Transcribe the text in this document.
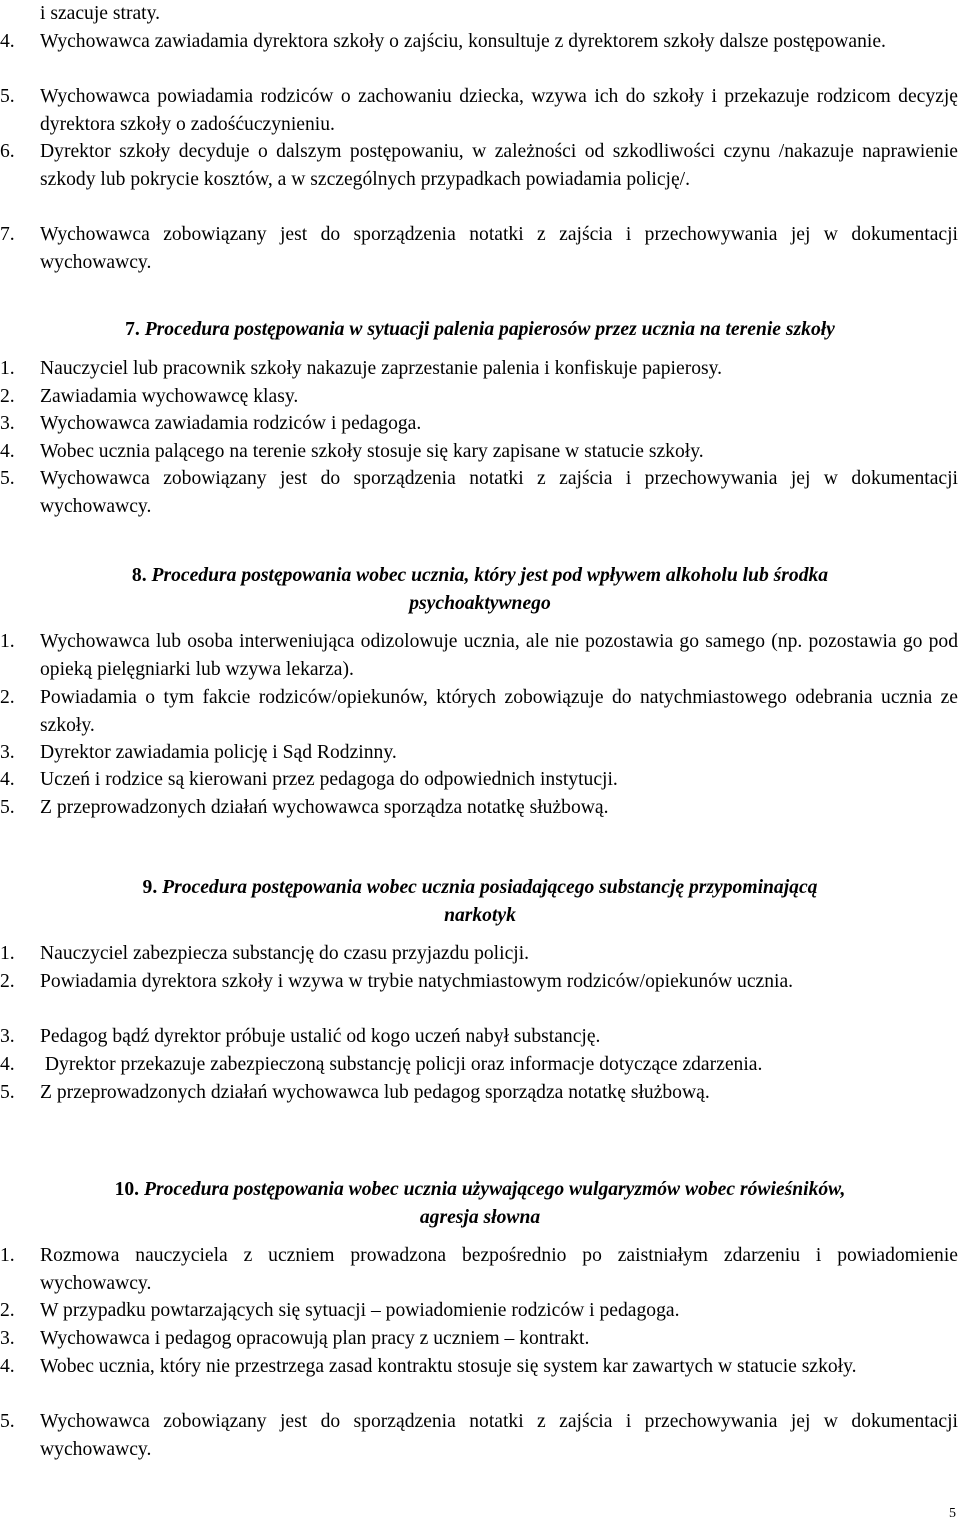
i szacuje straty.
4.	Wychowawca zawiadamia dyrektora szkoły o zajściu, konsultuje z dyrektorem szkoły dalsze postępowanie.
5.	Wychowawca powiadamia rodziców o zachowaniu dziecka, wzywa ich do szkoły i przekazuje rodzicom decyzję dyrektora szkoły o zadośćuczynieniu.
6.	Dyrektor szkoły decyduje o dalszym postępowaniu, w zależności od szkodliwości czynu /nakazuje naprawienie szkody lub pokrycie kosztów, a w szczególnych przypadkach powiadamia policję/.
7.	Wychowawca zobowiązany jest do sporządzenia notatki z zajścia i przechowywania jej w dokumentacji wychowawcy.
7. Procedura postępowania w sytuacji palenia papierosów przez ucznia na terenie szkoły
1.	Nauczyciel lub pracownik szkoły nakazuje zaprzestanie palenia i konfiskuje papierosy.
2.	Zawiadamia wychowawcę klasy.
3.	Wychowawca zawiadamia rodziców i pedagoga.
4.	Wobec ucznia palącego na terenie szkoły stosuje się kary zapisane w statucie szkoły.
5.	Wychowawca zobowiązany jest do sporządzenia notatki z zajścia i przechowywania jej w dokumentacji wychowawcy.
8. Procedura postępowania wobec ucznia, który jest pod wpływem alkoholu lub środka
psychoaktywnego
1.	Wychowawca lub osoba interweniująca odizolowuje ucznia, ale nie pozostawia go samego (np. pozostawia go pod opieką pielęgniarki lub wzywa lekarza).
2.	Powiadamia o tym fakcie rodziców/opiekunów, których zobowiązuje do natychmiastowego odebrania ucznia ze szkoły.
3.	Dyrektor zawiadamia policję i Sąd Rodzinny.
4.	Uczeń i rodzice są kierowani przez pedagoga do odpowiednich instytucji.
5.	Z przeprowadzonych działań wychowawca sporządza notatkę służbową.
9. Procedura postępowania wobec ucznia posiadającego substancję przypominającą
narkotyk
1.	Nauczyciel zabezpiecza substancję do czasu przyjazdu policji.
2.	Powiadamia dyrektora szkoły i wzywa w trybie natychmiastowym rodziców/opiekunów ucznia.
3.	Pedagog bądź dyrektor próbuje ustalić od kogo uczeń nabył substancję.
4.	Dyrektor przekazuje zabezpieczoną substancję policji oraz informacje dotyczące zdarzenia.
5.	Z przeprowadzonych działań wychowawca lub pedagog sporządza notatkę służbową.
10. Procedura postępowania wobec ucznia używającego wulgaryzmów wobec rówieśników,
agresja słowna
1.	Rozmowa nauczyciela z uczniem prowadzona bezpośrednio po zaistniałym zdarzeniu i powiadomienie wychowawcy.
2.	W przypadku powtarzających się sytuacji – powiadomienie rodziców i pedagoga.
3.	Wychowawca i pedagog opracowują plan pracy z uczniem – kontrakt.
4.	Wobec ucznia, który nie przestrzega zasad kontraktu stosuje się system kar zawartych w statucie szkoły.
5.	Wychowawca zobowiązany jest do sporządzenia notatki z zajścia i przechowywania jej w dokumentacji wychowawcy.
5
